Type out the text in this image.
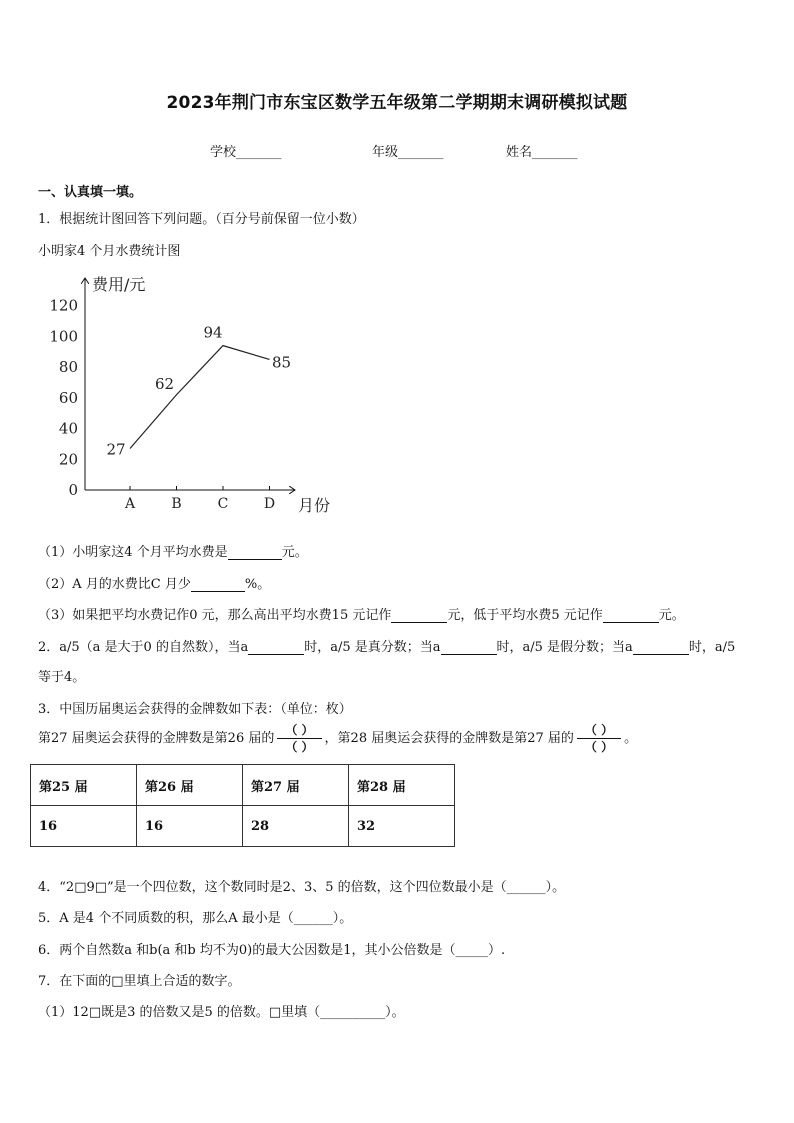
2023年荆门市东宝区数学五年级第二学期期末调研模拟试题
学校_______	年级_______	姓名_______
一、认真填一填。
1．根据统计图回答下列问题。（百分号前保留一位小数）
小明家4 个月水费统计图
0
20
40
60
80
100
120
费用/元
月份
A	B	C	D
27
62
94
85
（1）小明家这4 个月平均水费是	元。
（2）A 月的水费比C 月少	%。
（3）如果把平均水费记作0 元，那么高出平均水费15 元记作	元，低于平均水费5 元记作	元。
2．a/5（a 是大于0 的自然数），当a	时，a/5 是真分数；当a	时，a/5 是假分数；当a	时，a/5
等于4。
3．中国历届奥运会获得的金牌数如下表：（单位：枚）
第27 届奥运会获得的金牌数是第26 届的 $\frac{( )}{( )}$ ，第28 届奥运会获得的金牌数是第27 届的 $\frac{( )}{( )}$ 。
第25 届	第26 届	第27 届	第28 届
16	16	28	32
4．“2□9□”是一个四位数，这个数同时是2、3、5 的倍数，这个四位数最小是（______）。
5．A 是4 个不同质数的积，那么A 最小是（______）。
6．两个自然数a 和b(a 和b 均不为0)的最大公因数是1，其小公倍数是（_____）.
7．在下面的□里填上合适的数字。
（1）12□既是3 的倍数又是5 的倍数。□里填（__________）。
